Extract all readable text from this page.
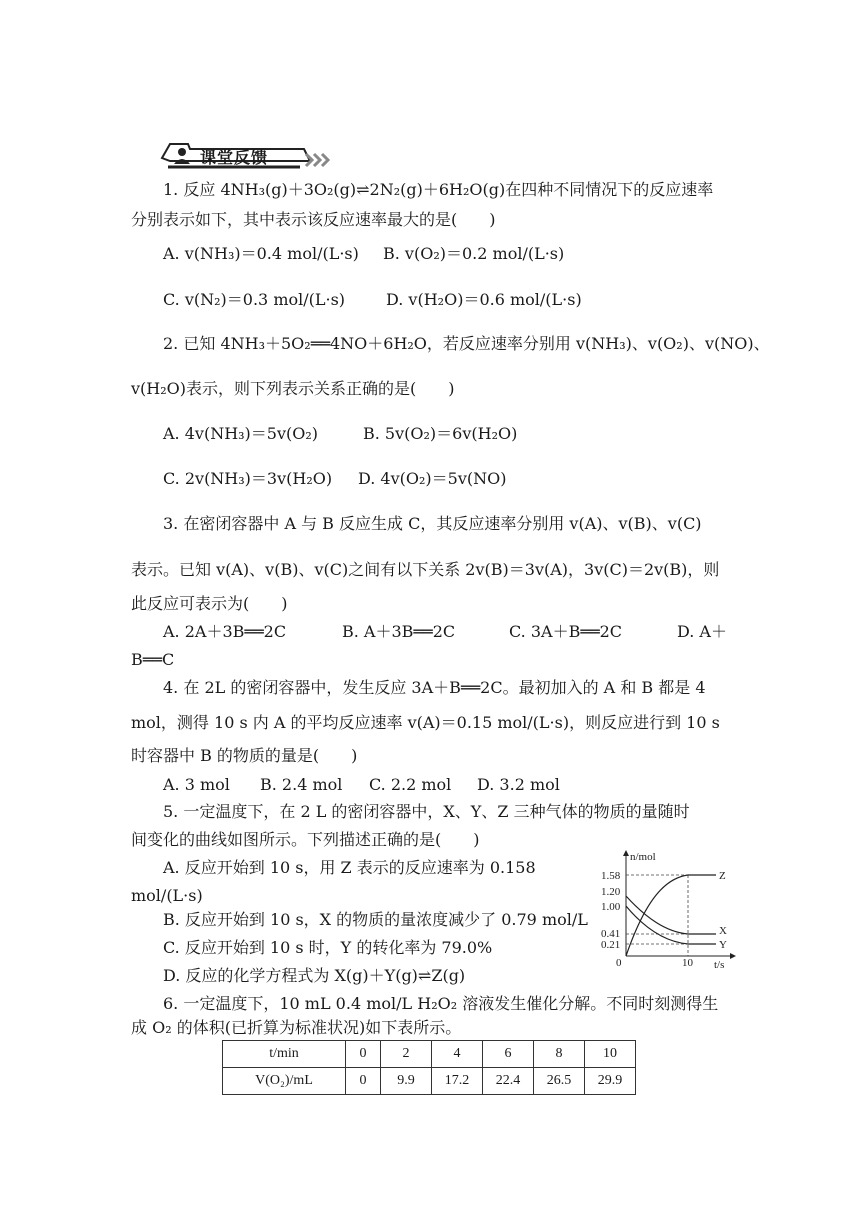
课堂反馈
1. 反应 4NH₃(g)＋3O₂(g)⇌2N₂(g)＋6H₂O(g)在四种不同情况下的反应速率
分别表示如下，其中表示该反应速率最大的是(　　)
A. v(NH₃)＝0.4 mol/(L·s) B. v(O₂)＝0.2 mol/(L·s)
C. v(N₂)＝0.3 mol/(L·s)	D. v(H₂O)＝0.6 mol/(L·s)
2. 已知 4NH₃＋5O₂══4NO＋6H₂O，若反应速率分别用 v(NH₃)、v(O₂)、v(NO)、
v(H₂O)表示，则下列表示关系正确的是(　　)
A. 4v(NH₃)＝5v(O₂)	B. 5v(O₂)＝6v(H₂O)
C. 2v(NH₃)＝3v(H₂O) D. 4v(O₂)＝5v(NO)
3. 在密闭容器中 A 与 B 反应生成 C，其反应速率分别用 v(A)、v(B)、v(C)
表示。已知 v(A)、v(B)、v(C)之间有以下关系 2v(B)＝3v(A)，3v(C)＝2v(B)，则
此反应可表示为(　　)
A. 2A＋3B══2C	B. A＋3B══2C	C. 3A＋B══2C	D. A＋
B══C
4. 在 2L 的密闭容器中，发生反应 3A＋B══2C。最初加入的 A 和 B 都是 4
mol，测得 10 s 内 A 的平均反应速率 v(A)＝0.15 mol/(L·s)，则反应进行到 10 s
时容器中 B 的物质的量是(　　)
A. 3 mol B. 2.4 mol C. 2.2 mol D. 3.2 mol
5. 一定温度下，在 2 L 的密闭容器中，X、Y、Z 三种气体的物质的量随时
间变化的曲线如图所示。下列描述正确的是(　　)
A. 反应开始到 10 s，用 Z 表示的反应速率为 0.158
mol/(L·s)
B. 反应开始到 10 s，X 的物质的量浓度减少了 0.79 mol/L
C. 反应开始到 10 s 时，Y 的转化率为 79.0%
D. 反应的化学方程式为 X(g)＋Y(g)⇌Z(g)
n/mol
t/s
0
1.58
1.20
1.00
0.41
0.21
10
Z
X
Y
6. 一定温度下，10 mL 0.4 mol/L H₂O₂ 溶液发生催化分解。不同时刻测得生
成 O₂ 的体积(已折算为标准状况)如下表所示。
t/min	0	2	4	6	8	10
V(O₂)/mL	0	9.9	17.2	22.4	26.5	29.9
